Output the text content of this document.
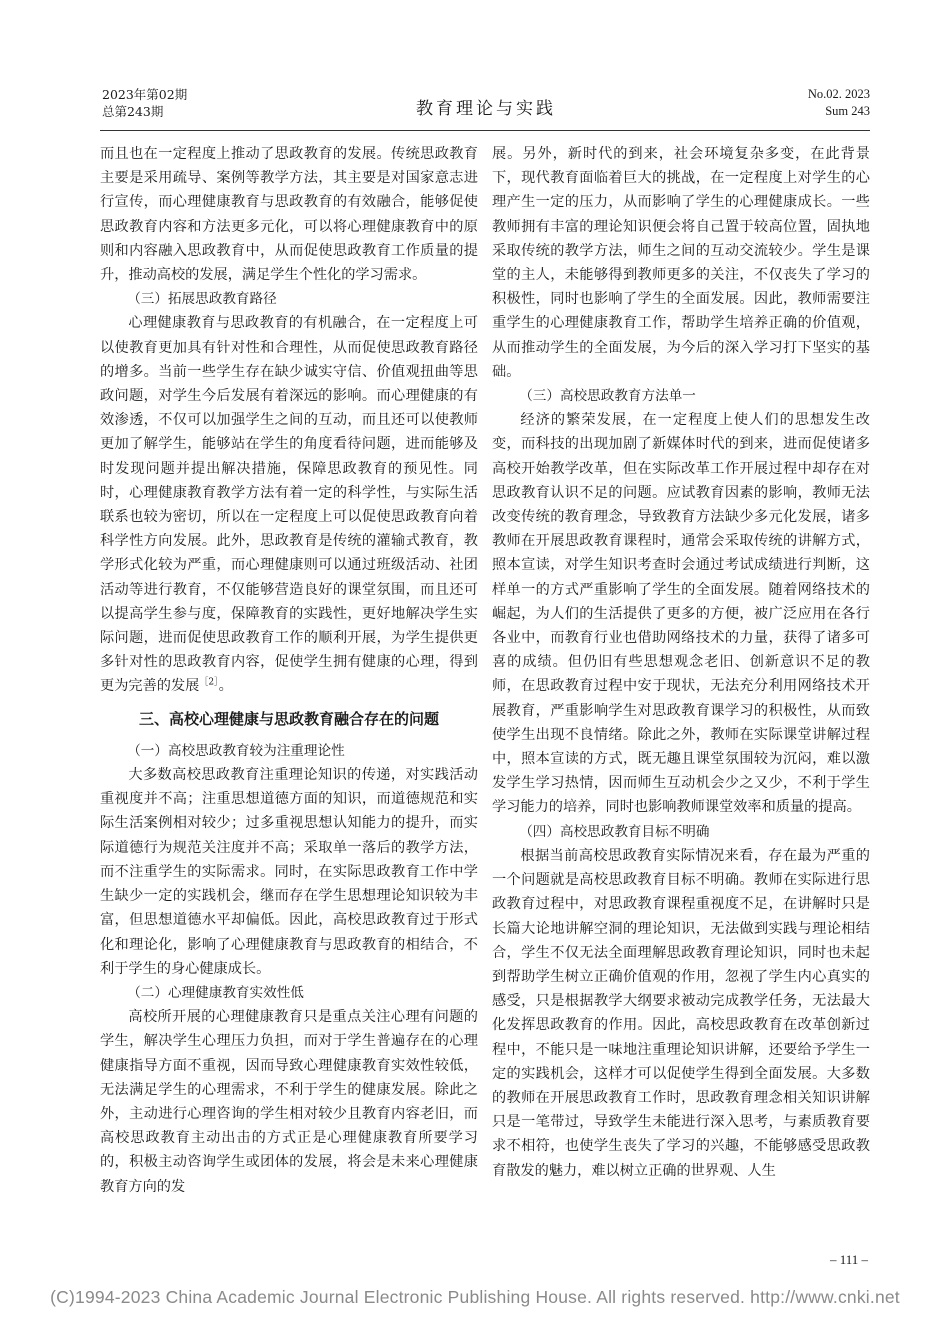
2023年第02期
总第243期	教育理论与实践
No.02. 2023
Sum 243

而且也在一定程度上推动了思政教育的发展。传统思政教育主要是采用疏导、案例等教学方法，其主要是对国家意志进行宣传，而心理健康教育与思政教育的有效融合，能够促使思政教育内容和方法更多元化，可以将心理健康教育中的原则和内容融入思政教育中，从而促使思政教育工作质量的提升，推动高校的发展，满足学生个性化的学习需求。

（三）拓展思政教育路径

心理健康教育与思政教育的有机融合，在一定程度上可以使教育更加具有针对性和合理性，从而促使思政教育路径的增多。当前一些学生存在缺少诚实守信、价值观扭曲等思政问题，对学生今后发展有着深远的影响。而心理健康的有效渗透，不仅可以加强学生之间的互动，而且还可以使教师更加了解学生，能够站在学生的角度看待问题，进而能够及时发现问题并提出解决措施，保障思政教育的预见性。同时，心理健康教育教学方法有着一定的科学性，与实际生活联系也较为密切，所以在一定程度上可以促使思政教育向着科学性方向发展。此外，思政教育是传统的灌输式教育，教学形式化较为严重，而心理健康则可以通过班级活动、社团活动等进行教育，不仅能够营造良好的课堂氛围，而且还可以提高学生参与度，保障教育的实践性，更好地解决学生实际问题，进而促使思政教育工作的顺利开展，为学生提供更多针对性的思政教育内容，促使学生拥有健康的心理，得到更为完善的发展$^{[2]}$。

三、高校心理健康与思政教育融合存在的问题
（一）高校思政教育较为注重理论性

大多数高校思政教育注重理论知识的传递，对实践活动重视度并不高；注重思想道德方面的知识，而道德规范和实际生活案例相对较少；过多重视思想认知能力的提升，而实际道德行为规范关注度并不高；采取单一落后的教学方法，而不注重学生的实际需求。同时，在实际思政教育工作中学生缺少一定的实践机会，继而存在学生思想理论知识较为丰富，但思想道德水平却偏低。因此，高校思政教育过于形式化和理论化，影响了心理健康教育与思政教育的相结合，不利于学生的身心健康成长。

（二）心理健康教育实效性低

高校所开展的心理健康教育只是重点关注心理有问题的学生，解决学生心理压力负担，而对于学生普遍存在的心理健康指导方面不重视，因而导致心理健康教育实效性较低，无法满足学生的心理需求，不利于学生的健康发展。除此之外，主动进行心理咨询的学生相对较少且教育内容老旧，而高校思政教育主动出击的方式正是心理健康教育所要学习的，积极主动咨询学生或团体的发展，将会是未来心理健康教育方向的发

展。另外，新时代的到来，社会环境复杂多变，在此背景下，现代教育面临着巨大的挑战，在一定程度上对学生的心理产生一定的压力，从而影响了学生的心理健康成长。一些教师拥有丰富的理论知识便会将自己置于较高位置，固执地采取传统的教学方法，师生之间的互动交流较少。学生是课堂的主人，未能够得到教师更多的关注，不仅丧失了学习的积极性，同时也影响了学生的全面发展。因此，教师需要注重学生的心理健康教育工作，帮助学生培养正确的价值观，从而推动学生的全面发展，为今后的深入学习打下坚实的基础。

（三）高校思政教育方法单一

经济的繁荣发展，在一定程度上使人们的思想发生改变，而科技的出现加剧了新媒体时代的到来，进而促使诸多高校开始教学改革，但在实际改革工作开展过程中却存在对思政教育认识不足的问题。应试教育因素的影响，教师无法改变传统的教育理念，导致教育方法缺少多元化发展，诸多教师在开展思政教育课程时，通常会采取传统的讲解方式，照本宣读，对学生知识考查时会通过考试成绩进行判断，这样单一的方式严重影响了学生的全面发展。随着网络技术的崛起，为人们的生活提供了更多的方便，被广泛应用在各行各业中，而教育行业也借助网络技术的力量，获得了诸多可喜的成绩。但仍旧有些思想观念老旧、创新意识不足的教师，在思政教育过程中安于现状，无法充分利用网络技术开展教育，严重影响学生对思政教育课学习的积极性，从而致使学生出现不良情绪。除此之外，教师在实际课堂讲解过程中，照本宣读的方式，既无趣且课堂氛围较为沉闷，难以激发学生学习热情，因而师生互动机会少之又少，不利于学生学习能力的培养，同时也影响教师课堂效率和质量的提高。

（四）高校思政教育目标不明确

根据当前高校思政教育实际情况来看，存在最为严重的一个问题就是高校思政教育目标不明确。教师在实际进行思政教育过程中，对思政教育课程重视度不足，在讲解时只是长篇大论地讲解空洞的理论知识，无法做到实践与理论相结合，学生不仅无法全面理解思政教育理论知识，同时也未起到帮助学生树立正确价值观的作用，忽视了学生内心真实的感受，只是根据教学大纲要求被动完成教学任务，无法最大化发挥思政教育的作用。因此，高校思政教育在改革创新过程中，不能只是一味地注重理论知识讲解，还要给予学生一定的实践机会，这样才可以促使学生得到全面发展。大多数的教师在开展思政教育工作时，思政教育理念相关知识讲解只是一笔带过，导致学生未能进行深入思考，与素质教育要求不相符，也使学生丧失了学习的兴趣，不能够感受思政教育散发的魅力，难以树立正确的世界观、人生

– 111 –
(C)1994-2023 China Academic Journal Electronic Publishing House. All rights reserved. http://www.cnki.net
